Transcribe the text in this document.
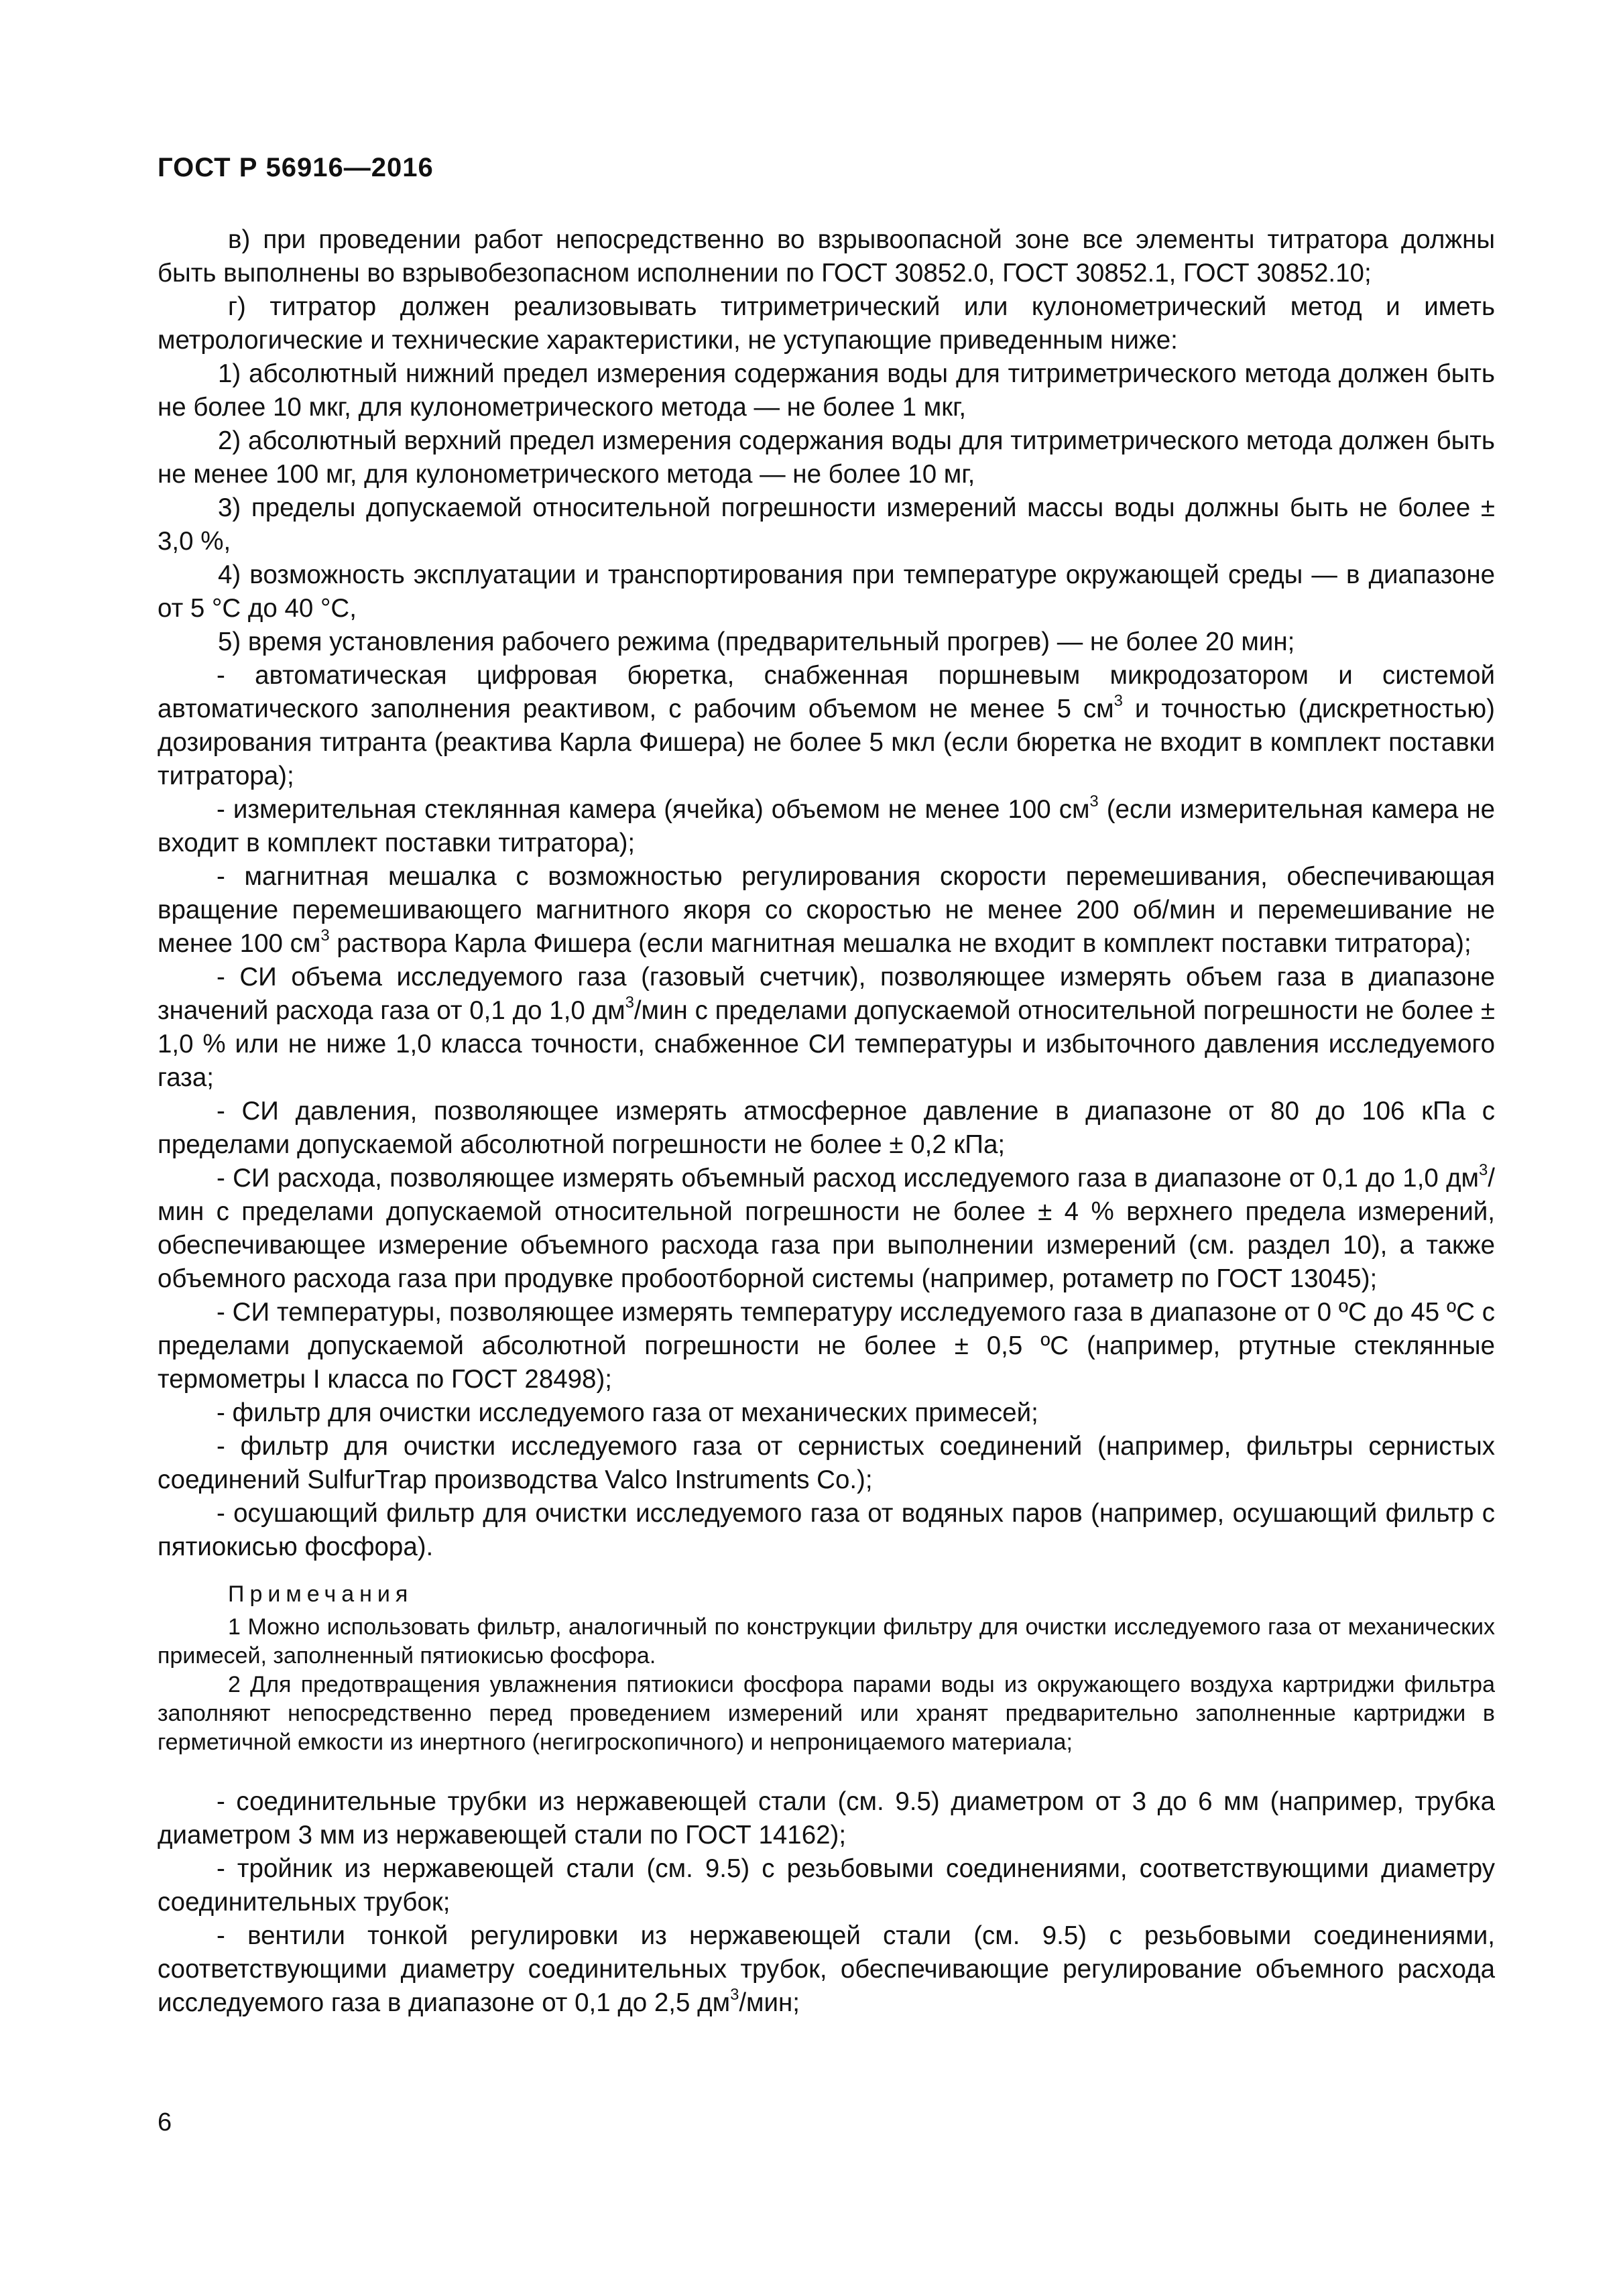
ГОСТ Р 56916—2016

в) при проведении работ непосредственно во взрывоопасной зоне все элементы титратора должны быть выполнены во взрывобезопасном исполнении по ГОСТ 30852.0, ГОСТ 30852.1, ГОСТ 30852.10;

г) титратор должен реализовывать титриметрический или кулонометрический метод и иметь метрологические и технические характеристики, не уступающие приведенным ниже:

1) абсолютный нижний предел измерения содержания воды для титриметрического метода должен быть не более 10 мкг, для кулонометрического метода — не более 1 мкг,

2) абсолютный верхний предел измерения содержания воды для титриметрического метода должен быть не менее 100 мг, для кулонометрического метода — не более 10 мг,

3) пределы допускаемой относительной погрешности измерений массы воды должны быть не более ± 3,0 %,

4) возможность эксплуатации и транспортирования при температуре окружающей среды — в диапазоне от 5 °С до 40 °С,

5) время установления рабочего режима (предварительный прогрев) — не более 20 мин;

- автоматическая цифровая бюретка, снабженная поршневым микродозатором и системой автоматического заполнения реактивом, с рабочим объемом не менее 5 $см^3$ и точностью (дискретностью) дозирования титранта (реактива Карла Фишера) не более 5 мкл (если бюретка не входит в комплект поставки титратора);

- измерительная стеклянная камера (ячейка) объемом не менее 100 $см^3$ (если измерительная камера не входит в комплект поставки титратора);

- магнитная мешалка с возможностью регулирования скорости перемешивания, обеспечивающая вращение перемешивающего магнитного якоря со скоростью не менее 200 об/мин и перемешивание не менее 100 $см^3$ раствора Карла Фишера (если магнитная мешалка не входит в комплект поставки титратора);

- СИ объема исследуемого газа (газовый счетчик), позволяющее измерять объем газа в диапазоне значений расхода газа от 0,1 до 1,0 $дм^3$/мин с пределами допускаемой относительной погрешности не более ± 1,0 % или не ниже 1,0 класса точности, снабженное СИ температуры и избыточного давления исследуемого газа;

- СИ давления, позволяющее измерять атмосферное давление в диапазоне от 80 до 106 кПа с пределами допускаемой абсолютной погрешности не более ± 0,2 кПа;

- СИ расхода, позволяющее измерять объемный расход исследуемого газа в диапазоне от 0,1 до 1,0 $дм^3$/мин с пределами допускаемой относительной погрешности не более ± 4 % верхнего предела измерений, обеспечивающее измерение объемного расхода газа при выполнении измерений (см. раздел 10), а также объемного расхода газа при продувке пробоотборной системы (например, ротаметр по ГОСТ 13045);

- СИ температуры, позволяющее измерять температуру исследуемого газа в диапазоне от 0 ºС до 45 ºС с пределами допускаемой абсолютной погрешности не более ± 0,5 ºС (например, ртутные стеклянные термометры I класса по ГОСТ 28498);

- фильтр для очистки исследуемого газа от механических примесей;

- фильтр для очистки исследуемого газа от сернистых соединений (например, фильтры сернистых соединений SulfurTrap производства Valco Instruments Co.);

- осушающий фильтр для очистки исследуемого газа от водяных паров (например, осушающий фильтр с пятиокисью фосфора).

Примечания

1 Можно использовать фильтр, аналогичный по конструкции фильтру для очистки исследуемого газа от механических примесей, заполненный пятиокисью фосфора.

2 Для предотвращения увлажнения пятиокиси фосфора парами воды из окружающего воздуха картриджи фильтра заполняют непосредственно перед проведением измерений или хранят предварительно заполненные картриджи в герметичной емкости из инертного (негигроскопичного) и непроницаемого материала;

- соединительные трубки из нержавеющей стали (см. 9.5) диаметром от 3 до 6 мм (например, трубка диаметром 3 мм из нержавеющей стали по ГОСТ 14162);

- тройник из нержавеющей стали (см. 9.5) с резьбовыми соединениями, соответствующими диаметру соединительных трубок;

- вентили тонкой регулировки из нержавеющей стали (см. 9.5) с резьбовыми соединениями, соответствующими диаметру соединительных трубок, обеспечивающие регулирование объемного расхода исследуемого газа в диапазоне от 0,1 до 2,5 $дм^3$/мин;

6
